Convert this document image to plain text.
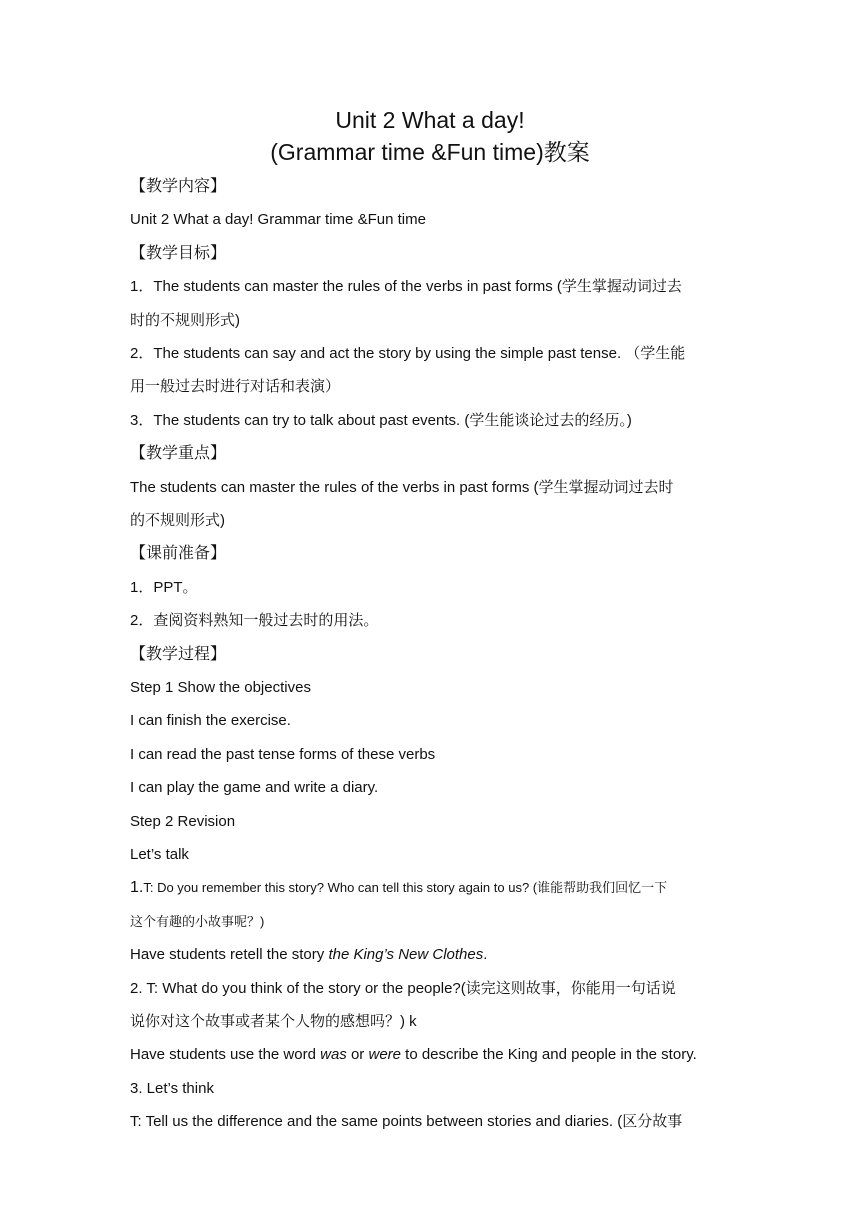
Unit 2 What a day!
(Grammar time &Fun time)教案
【教学内容】
Unit 2 What a day! Grammar time &Fun time
【教学目标】
1．The students can master the rules of the verbs in past forms (学生掌握动词过去
时的不规则形式)
2．The students can say and act the story by using the simple past tense. （学生能
用一般过去时进行对话和表演）
3．The students can try to talk about past events. (学生能谈论过去的经历。)
【教学重点】
The students can master the rules of the verbs in past forms (学生掌握动词过去时
的不规则形式)
【课前准备】
1．PPT。
2．查阅资料熟知一般过去时的用法。
【教学过程】
Step 1 Show the objectives
I can finish the exercise.
I can read the past tense forms of these verbs
I can play the game and write a diary.
Step 2 Revision
Let’s talk
1.T: Do you remember this story? Who can tell this story again to us? (谁能帮助我们回忆一下
这个有趣的小故事呢？)
Have students retell the story the King’s New Clothes.
2. T: What do you think of the story or the people?(读完这则故事，你能用一句话说
说你对这个故事或者某个人物的感想吗？) k
Have students use the word was or were to describe the King and people in the story.
3. Let’s think
T: Tell us the difference and the same points between stories and diaries. (区分故事
